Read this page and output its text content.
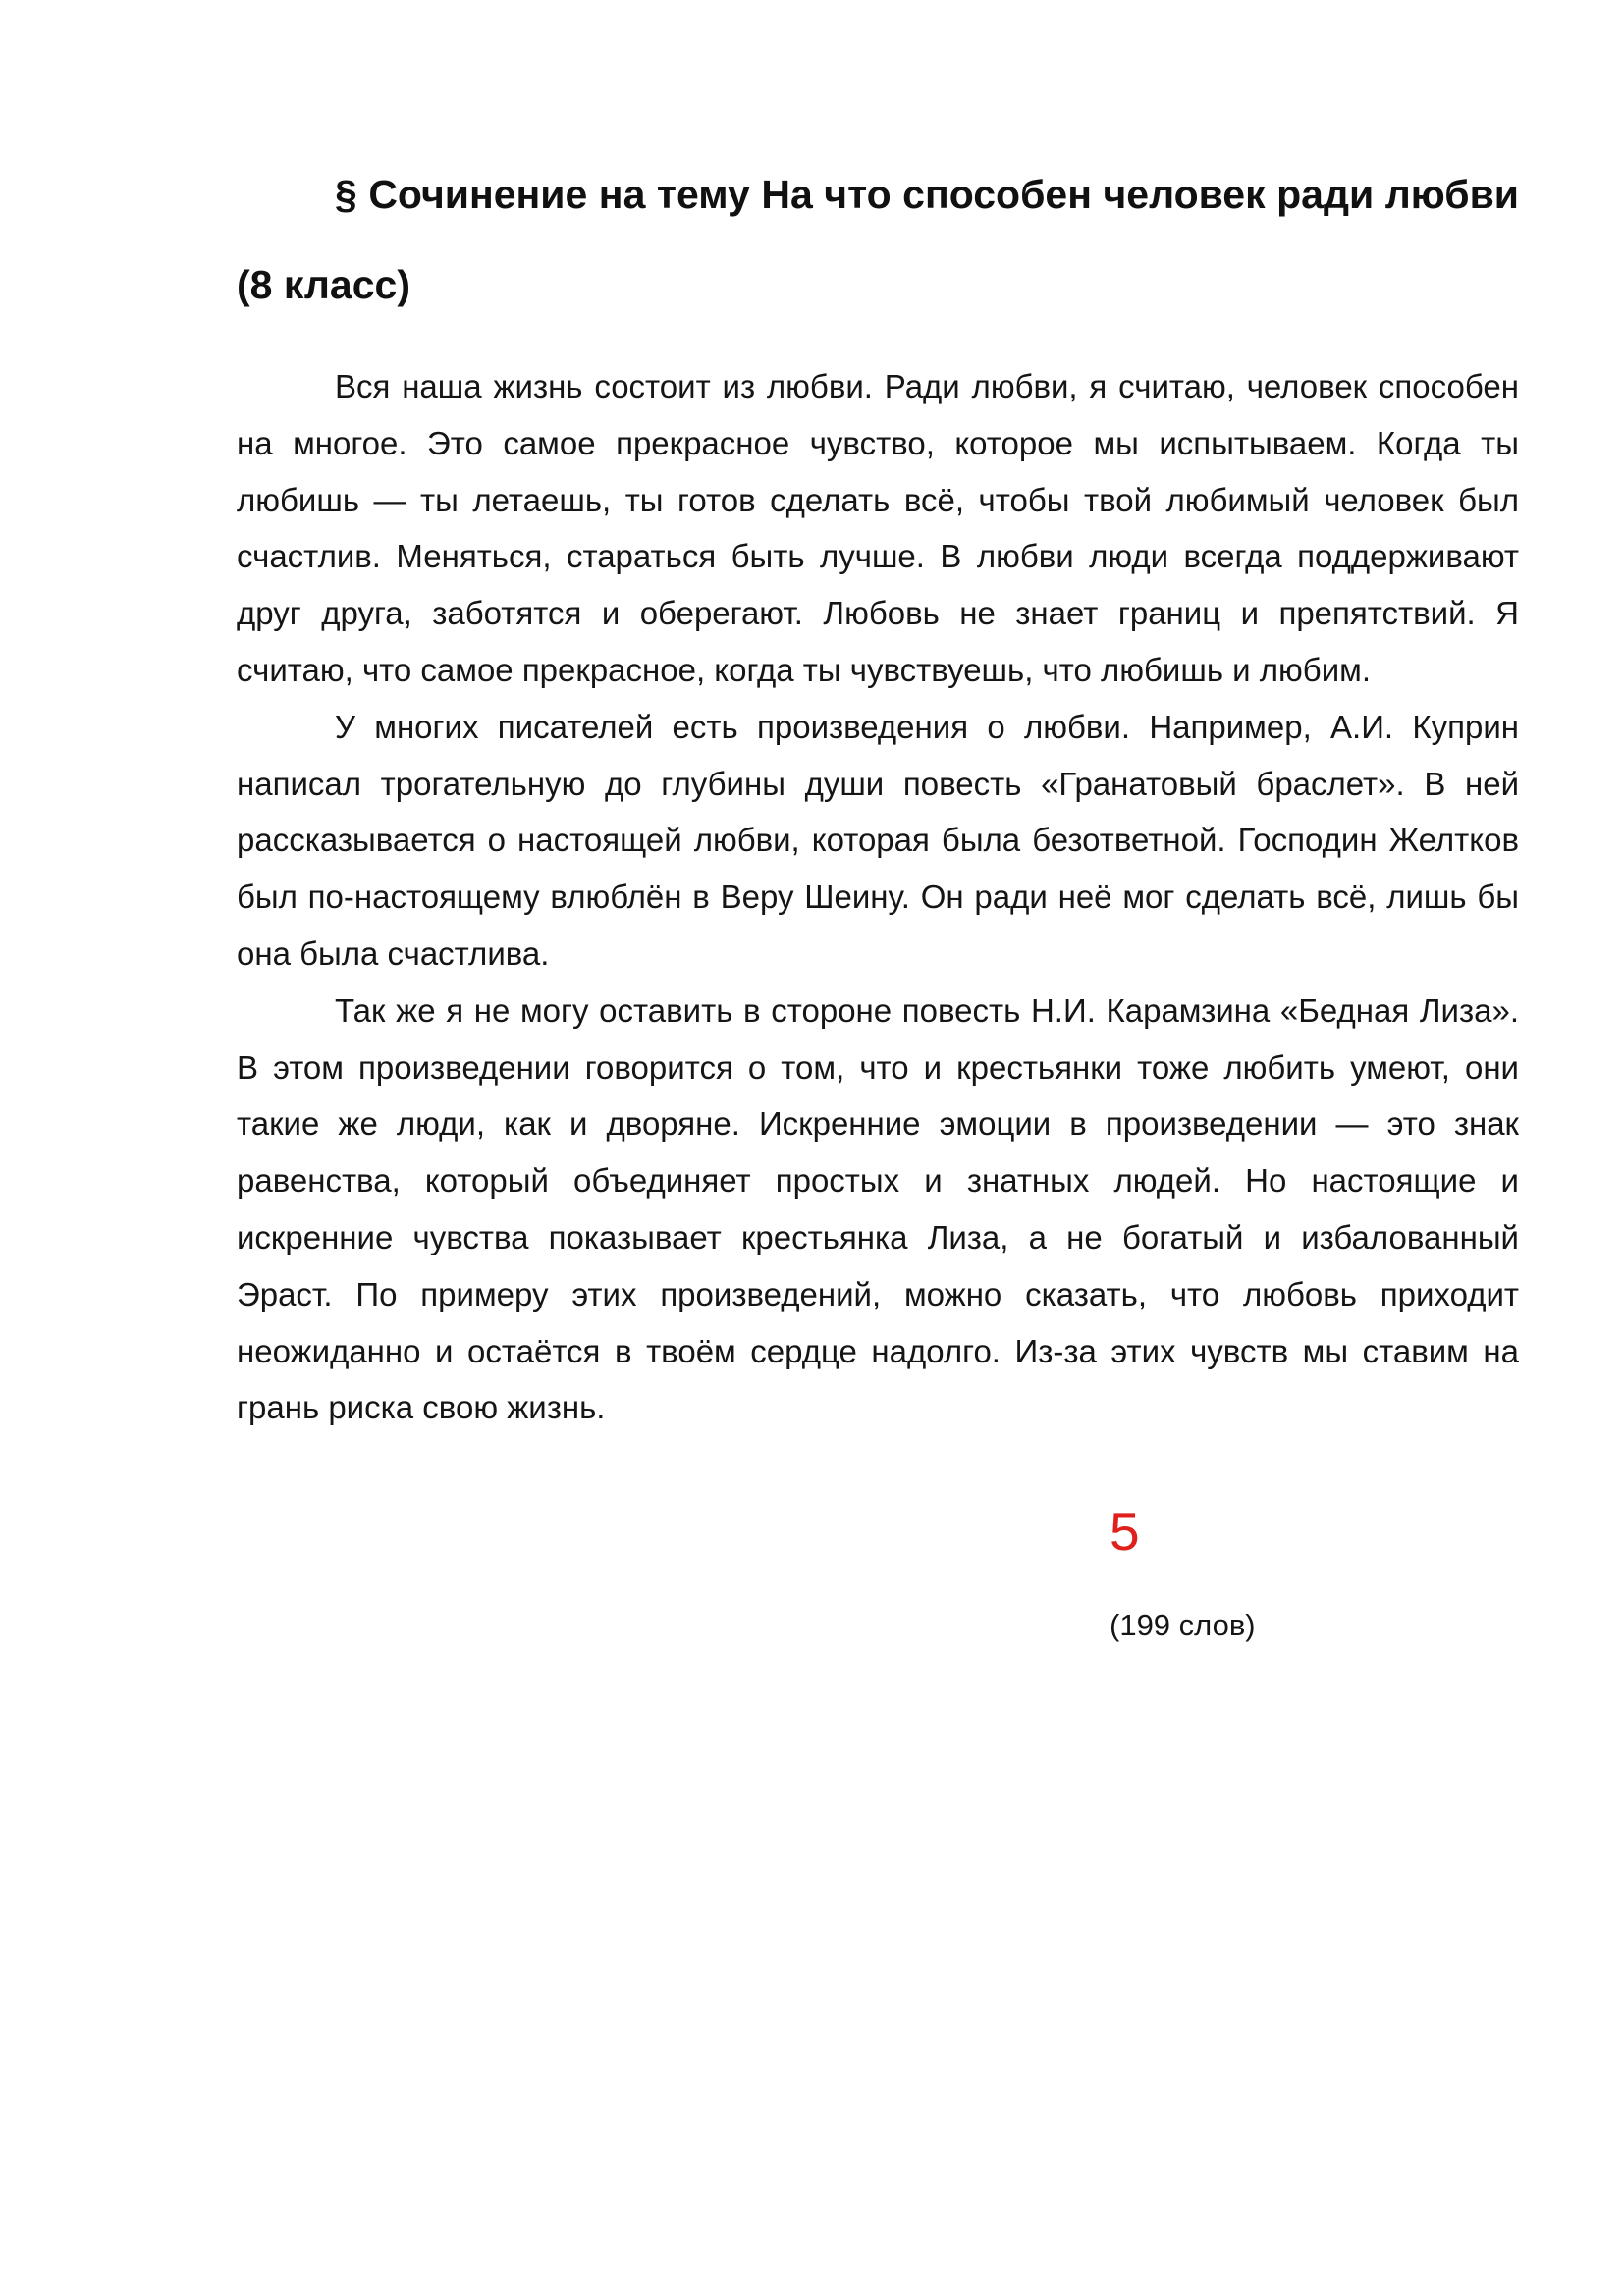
§ Сочинение на тему На что способен человек ради любви (8 класс)

Вся наша жизнь состоит из любви. Ради любви, я считаю, человек способен на многое. Это самое прекрасное чувство, которое мы испытываем. Когда ты любишь — ты летаешь, ты готов сделать всё, чтобы твой любимый человек был счастлив. Меняться, стараться быть лучше. В любви люди всегда поддерживают друг друга, заботятся и оберегают. Любовь не знает границ и препятствий. Я считаю, что самое прекрасное, когда ты чувствуешь, что любишь и любим.

У многих писателей есть произведения о любви. Например, А.И. Куприн написал трогательную до глубины души повесть «Гранатовый браслет». В ней рассказывается о настоящей любви, которая была безответной. Господин Желтков был по-настоящему влюблён в Веру Шеину. Он ради неё мог сделать всё, лишь бы она была счастлива.

Так же я не могу оставить в стороне повесть Н.И. Карамзина «Бедная Лиза». В этом произведении говорится о том, что и крестьянки тоже любить умеют, они такие же люди, как и дворяне. Искренние эмоции в произведении — это знак равенства, который объединяет простых и знатных людей. Но настоящие и искренние чувства показывает крестьянка Лиза, а не богатый и избалованный Эраст. По примеру этих произведений, можно сказать, что любовь приходит неожиданно и остаётся в твоём сердце надолго. Из-за этих чувств мы ставим на грань риска свою жизнь.

5
(199 слов)
